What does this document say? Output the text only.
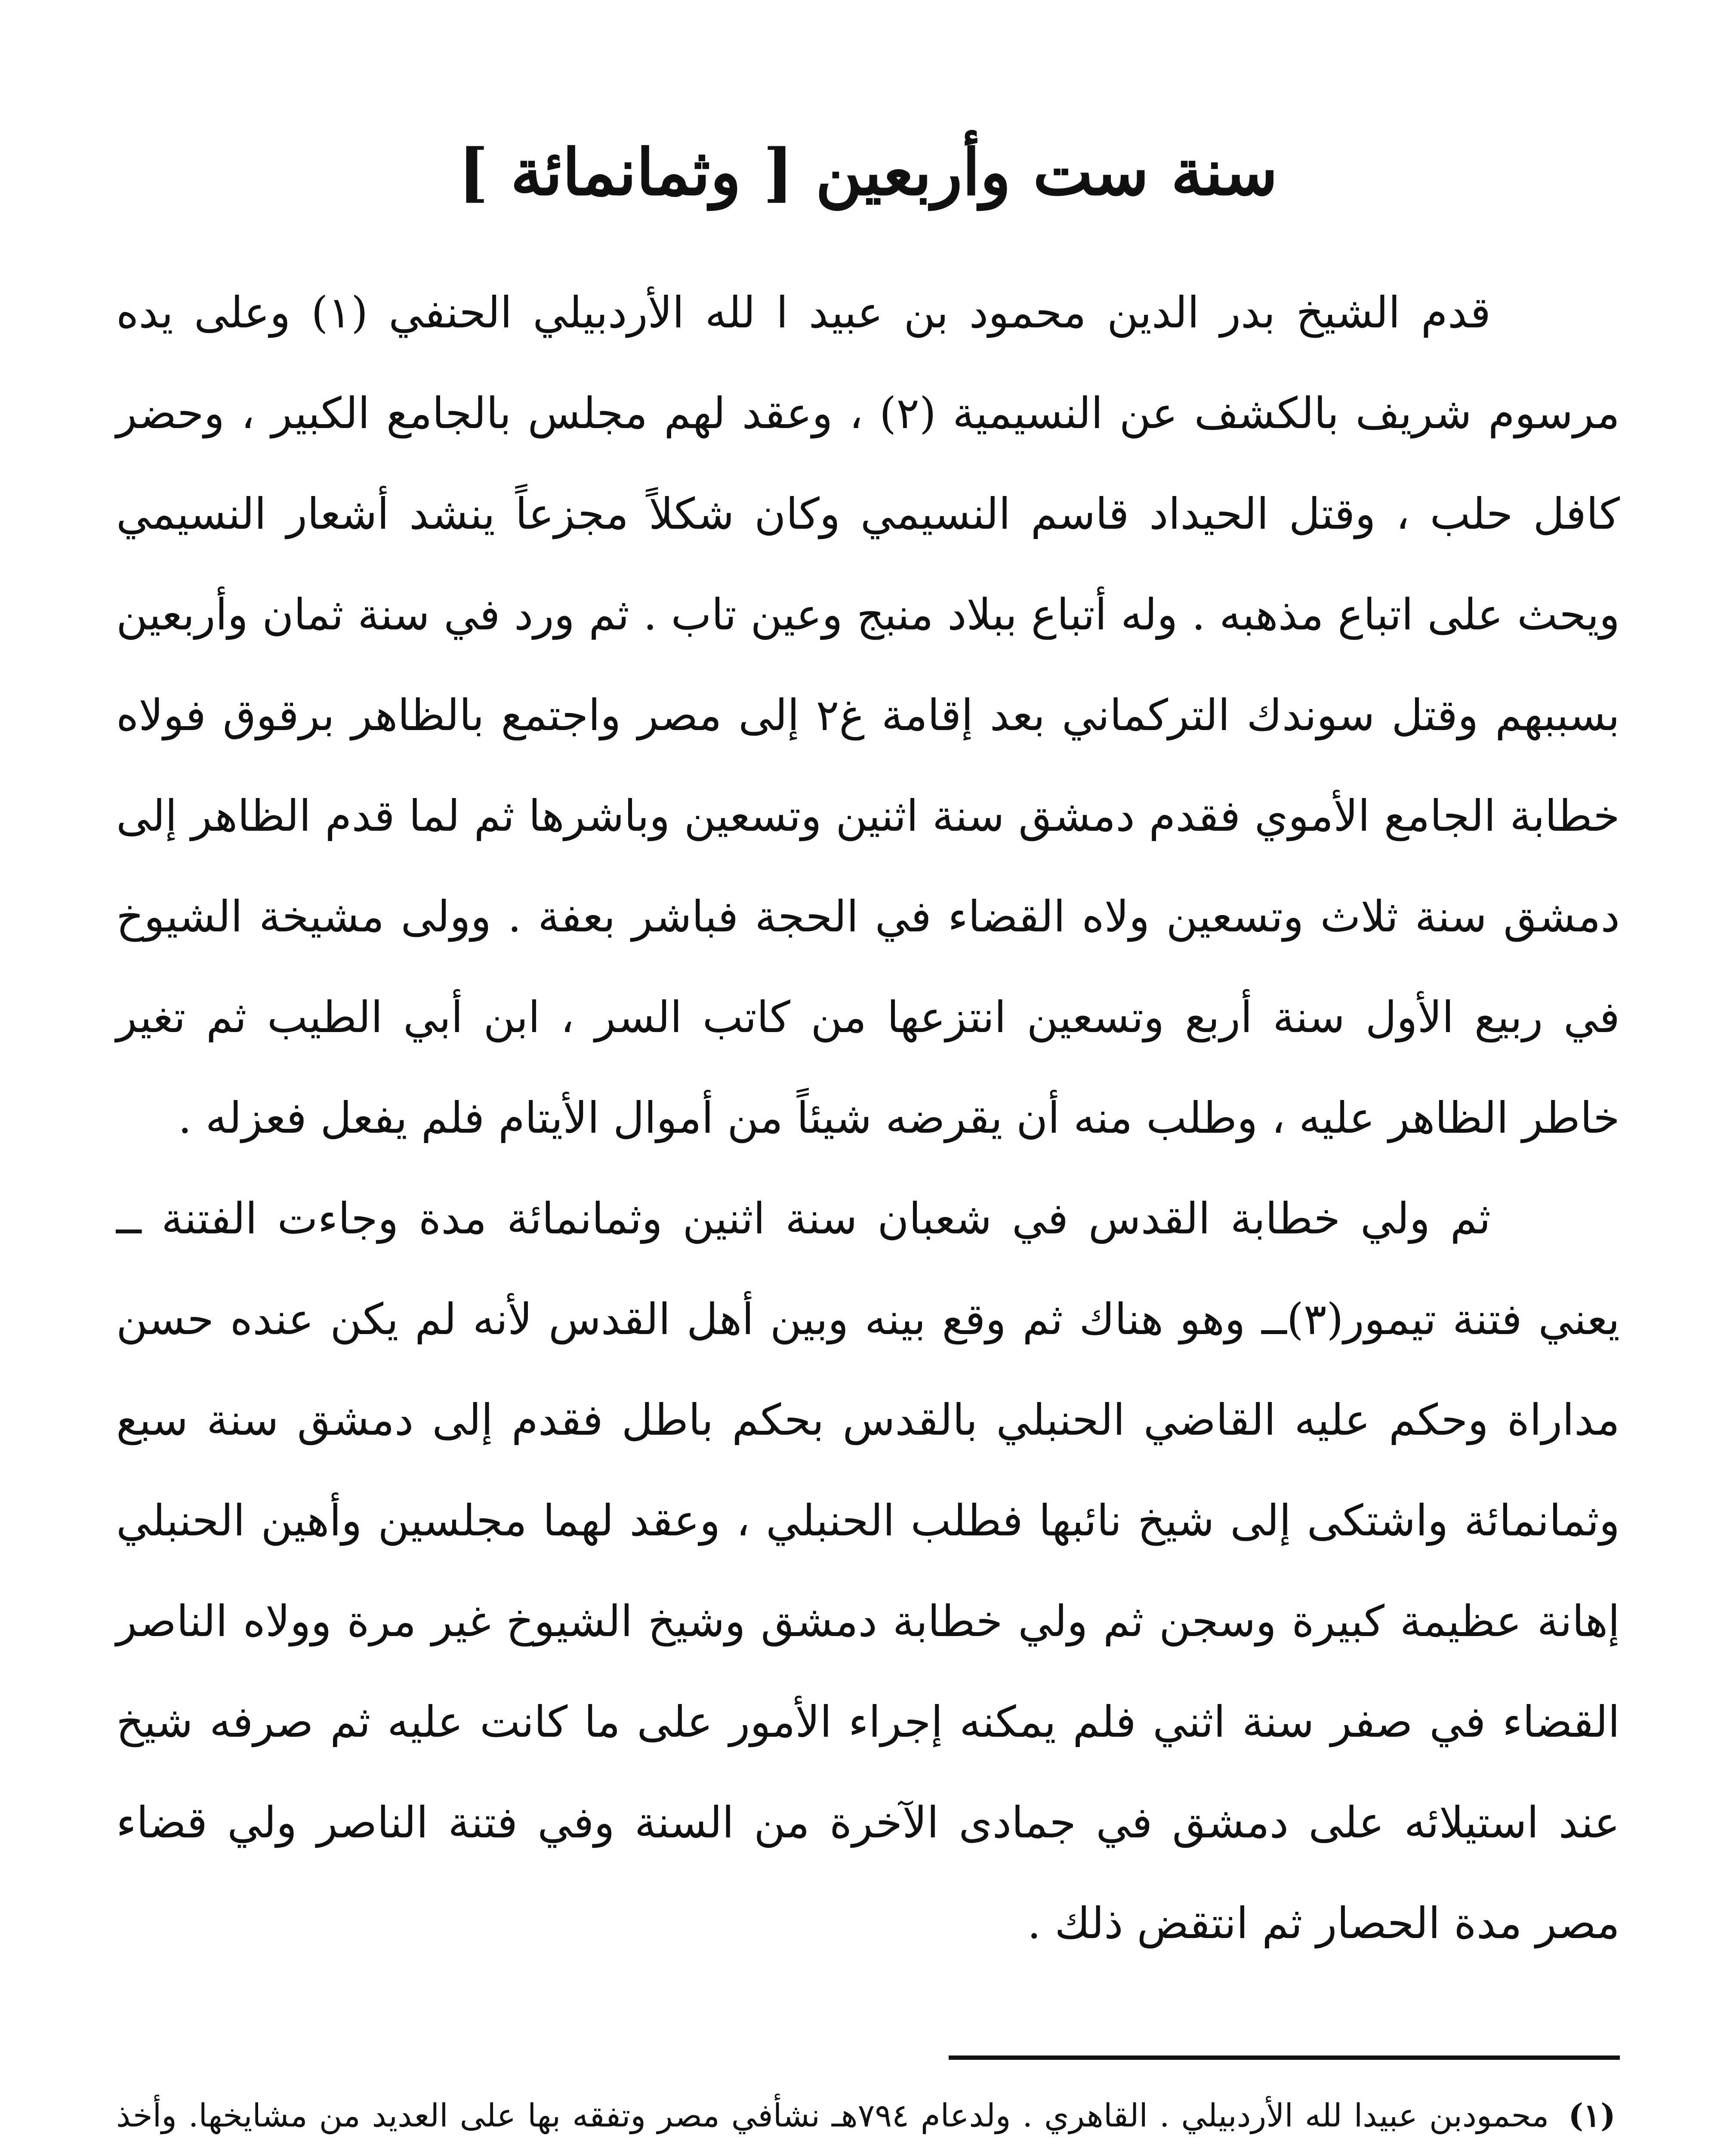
سنة ست وأربعين [ وثمانمائة ]

قدم الشيخ بدر الدين محمود بن عبيد ا لله الأردبيلي الحنفي (١) وعلى يده مرسوم شريف بالكشف عن النسيمية (٢) ، وعقد لهم مجلس بالجامع الكبير ، وحضر كافل حلب ، وقتل الحيداد قاسم النسيمي وكان شكلاً مجزعاً ينشد أشعار النسيمي ويحث على اتباع مذهبه . وله أتباع ببلاد منبج وعين تاب . ثم ورد في سنة ثمان وأربعين بسببهم وقتل سوندك التركماني بعد إقامة غ٢ إلى مصر واجتمع بالظاهر برقوق فولاه خطابة الجامع الأموي فقدم دمشق سنة اثنين وتسعين وباشرها ثم لما قدم الظاهر إلى دمشق سنة ثلاث وتسعين ولاه القضاء في الحجة فباشر بعفة . وولى مشيخة الشيوخ في ربيع الأول سنة أربع وتسعين انتزعها من كاتب السر ، ابن أبي الطيب ثم تغير خاطر الظاهر عليه ، وطلب منه أن يقرضه شيئاً من أموال الأيتام فلم يفعل فعزله .

ثم ولي خطابة القدس في شعبان سنة اثنين وثمانمائة مدة وجاءت الفتنة ــ يعني فتنة تيمور(٣)ــ وهو هناك ثم وقع بينه وبين أهل القدس لأنه لم يكن عنده حسن مداراة وحكم عليه القاضي الحنبلي بالقدس بحكم باطل فقدم إلى دمشق سنة سبع وثمانمائة واشتكى إلى شيخ نائبها فطلب الحنبلي ، وعقد لهما مجلسين وأهين الحنبلي إهانة عظيمة كبيرة وسجن ثم ولي خطابة دمشق وشيخ الشيوخ غير مرة وولاه الناصر القضاء في صفر سنة اثني فلم يمكنه إجراء الأمور على ما كانت عليه ثم صرفه شيخ عند استيلائه على دمشق في جمادى الآخرة من السنة وفي فتنة الناصر ولي قضاء مصر مدة الحصار ثم انتقض ذلك .

(١) محمودبن عبيدا لله الأردبيلي . القاهري . ولدعام ٧٩٤هـ نشأفي مصر وتفقه بها على العديد من مشايخها. وأخذ
